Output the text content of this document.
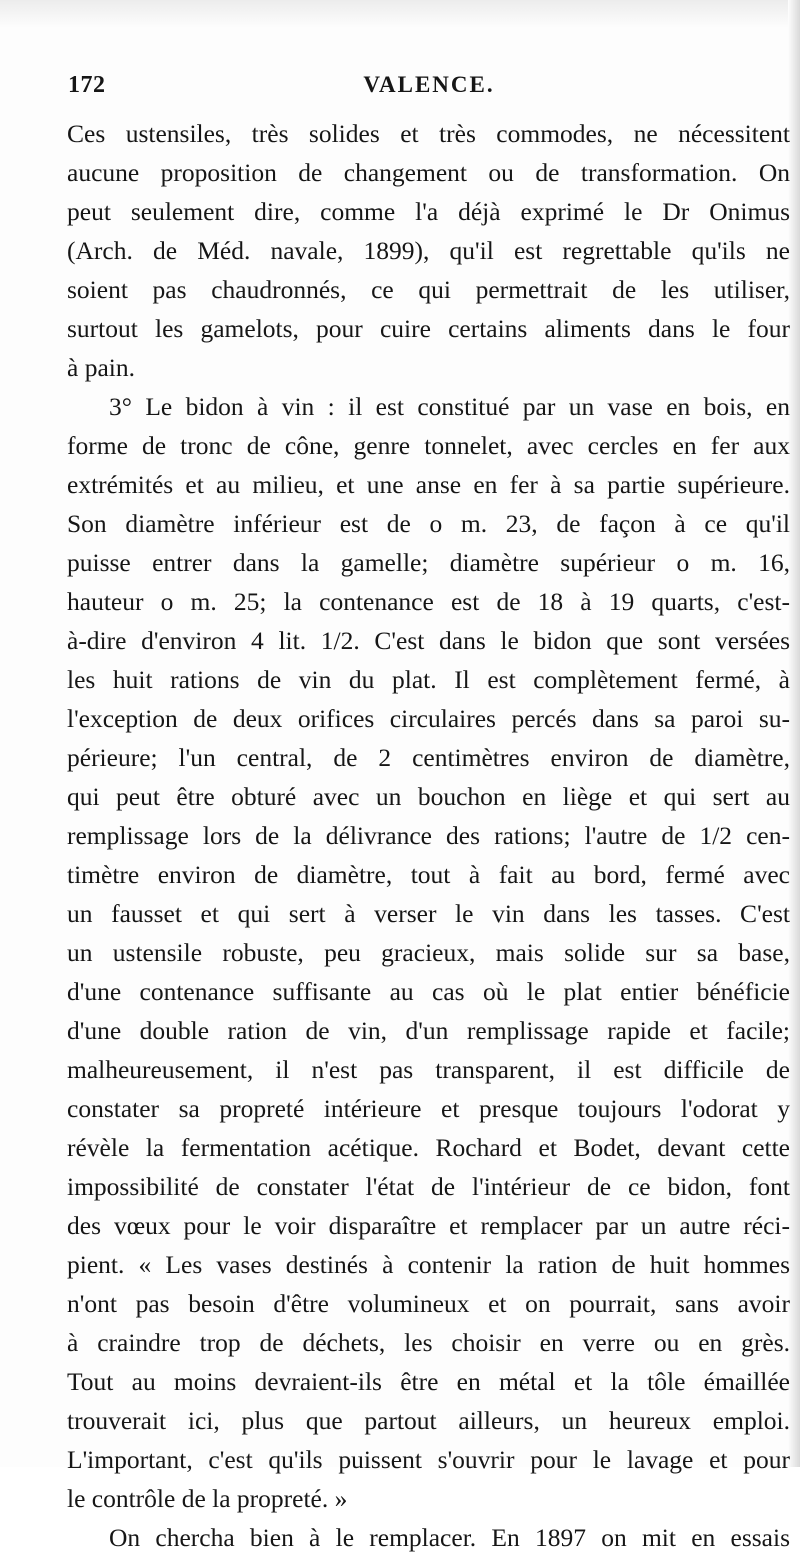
172	VALENCE.
Ces ustensiles, très solides et très commodes, ne nécessitent
aucune proposition de changement ou de transformation. On
peut seulement dire, comme l'a déjà exprimé le Dr Onimus
(Arch. de Méd. navale, 1899), qu'il est regrettable qu'ils ne
soient pas chaudronnés, ce qui permettrait de les utiliser,
surtout les gamelots, pour cuire certains aliments dans le four
à pain.
3° Le bidon à vin : il est constitué par un vase en bois, en
forme de tronc de cône, genre tonnelet, avec cercles en fer aux
extrémités et au milieu, et une anse en fer à sa partie supérieure.
Son diamètre inférieur est de o m. 23, de façon à ce qu'il
puisse entrer dans la gamelle; diamètre supérieur o m. 16,
hauteur o m. 25; la contenance est de 18 à 19 quarts, c'est-
à-dire d'environ 4 lit. 1/2. C'est dans le bidon que sont versées
les huit rations de vin du plat. Il est complètement fermé, à
l'exception de deux orifices circulaires percés dans sa paroi su-
périeure; l'un central, de 2 centimètres environ de diamètre,
qui peut être obturé avec un bouchon en liège et qui sert au
remplissage lors de la délivrance des rations; l'autre de 1/2 cen-
timètre environ de diamètre, tout à fait au bord, fermé avec
un fausset et qui sert à verser le vin dans les tasses. C'est
un ustensile robuste, peu gracieux, mais solide sur sa base,
d'une contenance suffisante au cas où le plat entier bénéficie
d'une double ration de vin, d'un remplissage rapide et facile;
malheureusement, il n'est pas transparent, il est difficile de
constater sa propreté intérieure et presque toujours l'odorat y
révèle la fermentation acétique. Rochard et Bodet, devant cette
impossibilité de constater l'état de l'intérieur de ce bidon, font
des vœux pour le voir disparaître et remplacer par un autre réci-
pient. « Les vases destinés à contenir la ration de huit hommes
n'ont pas besoin d'être volumineux et on pourrait, sans avoir
à craindre trop de déchets, les choisir en verre ou en grès.
Tout au moins devraient-ils être en métal et la tôle émaillée
trouverait ici, plus que partout ailleurs, un heureux emploi.
L'important, c'est qu'ils puissent s'ouvrir pour le lavage et pour
le contrôle de la propreté. »
On chercha bien à le remplacer. En 1897 on mit en essais
